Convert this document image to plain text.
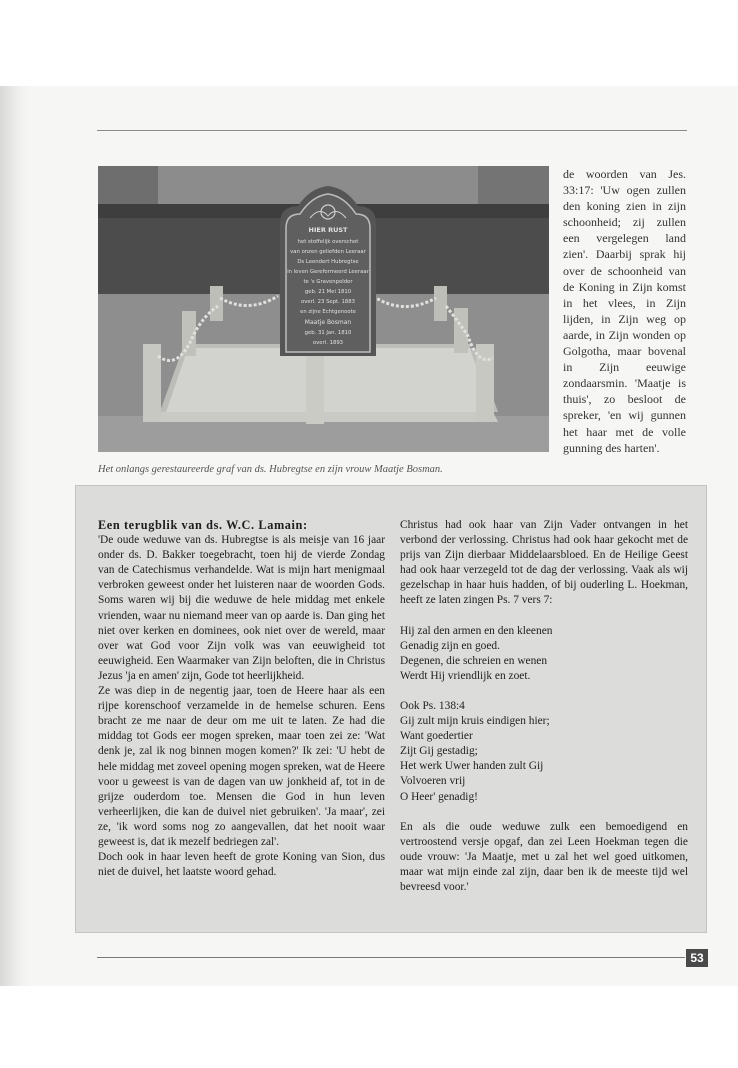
HIER RUST
het stoffelijk overschot
van onzen geliefden Leeraar
Ds Leendert Hubregtse
in leven Gereformeerd Leeraar
te 's Gravenpolder
geb. 21 Mei 1810
overl. 23 Sept. 1883
en zijne Echtgenoote
Maatje Bosman
geb. 31 Jan. 1810
overl. 1893
Het onlangs gerestaureerde graf van ds. Hubregtse en zijn vrouw Maatje Bosman.
de woorden van Jes. 33:17: 'Uw ogen zullen den koning zien in zijn schoonheid; zij zullen een vergelegen land zien'. Daarbij sprak hij over de schoonheid van de Koning in Zijn komst in het vlees, in Zijn lijden, in Zijn weg op aarde, in Zijn wonden op Golgotha, maar bovenal in Zijn eeuwige zondaarsmin. 'Maatje is thuis', zo besloot de spreker, 'en wij gunnen het haar met de volle gunning des harten'.

Een terugblik van ds. W.C. Lamain:

'De oude weduwe van ds. Hubregtse is als meisje van 16 jaar onder ds. D. Bakker toegebracht, toen hij de vierde Zondag van de Catechismus verhandelde. Wat is mijn hart menigmaal verbroken geweest onder het luisteren naar de woorden Gods. Soms waren wij bij die weduwe de hele middag met enkele vrienden, waar nu niemand meer van op aarde is. Dan ging het niet over kerken en dominees, ook niet over de wereld, maar over wat God voor Zijn volk was van eeuwigheid tot eeuwigheid. Een Waarmaker van Zijn beloften, die in Christus Jezus 'ja en amen' zijn, Gode tot heerlijkheid.

Ze was diep in de negentig jaar, toen de Heere haar als een rijpe korenschoof verzamelde in de hemelse schuren. Eens bracht ze me naar de deur om me uit te laten. Ze had die middag tot Gods eer mogen spreken, maar toen zei ze: 'Wat denk je, zal ik nog binnen mogen komen?' Ik zei: 'U hebt de hele middag met zoveel opening mogen spreken, wat de Heere voor u geweest is van de dagen van uw jonkheid af, tot in de grijze ouderdom toe. Mensen die God in hun leven verheerlijken, die kan de duivel niet gebruiken'. 'Ja maar', zei ze, 'ik word soms nog zo aangevallen, dat het nooit waar geweest is, dat ik mezelf bedriegen zal'.

Doch ook in haar leven heeft de grote Koning van Sion, dus niet de duivel, het laatste woord gehad.

Christus had ook haar van Zijn Vader ontvangen in het verbond der verlossing. Christus had ook haar gekocht met de prijs van Zijn dierbaar Middelaarsbloed. En de Heilige Geest had ook haar verzegeld tot de dag der verlossing. Vaak als wij gezelschap in haar huis hadden, of bij ouderling L. Hoekman, heeft ze laten zingen Ps. 7 vers 7:

Hij zal den armen en den kleenen

Genadig zijn en goed.

Degenen, die schreien en wenen

Werdt Hij vriendlijk en zoet.

Ook Ps. 138:4

Gij zult mijn kruis eindigen hier;

Want goedertier

Zijt Gij gestadig;

Het werk Uwer handen zult Gij

Volvoeren vrij

O Heer' genadig!

En als die oude weduwe zulk een bemoedigend en vertroostend versje opgaf, dan zei Leen Hoekman tegen die oude vrouw: 'Ja Maatje, met u zal het wel goed uitkomen, maar wat mijn einde zal zijn, daar ben ik de meeste tijd wel bevreesd voor.'

53
